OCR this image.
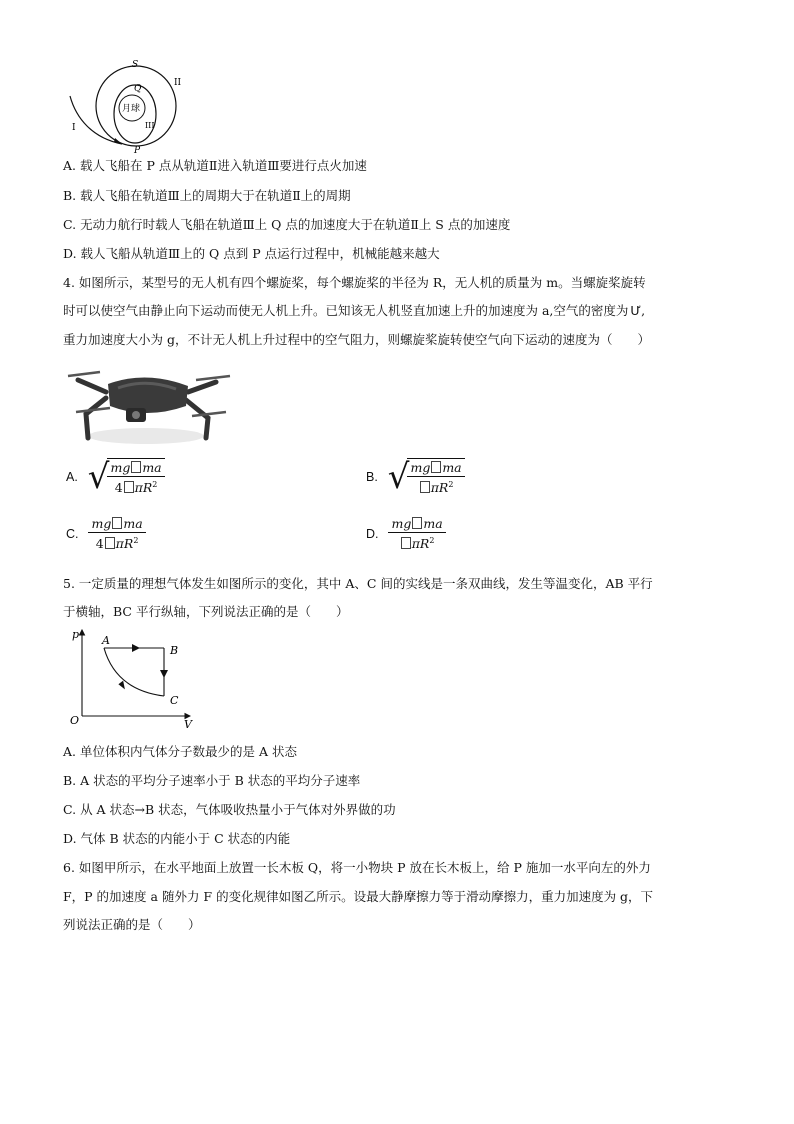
S
Q
月球
III
P
II
I
A. 载人飞船在 P 点从轨道Ⅱ进入轨道Ⅲ要进行点火加速
B. 载人飞船在轨道Ⅲ上的周期大于在轨道Ⅱ上的周期
C. 无动力航行时载人飞船在轨道Ⅲ上 Q 点的加速度大于在轨道Ⅱ上 S 点的加速度
D. 载人飞船从轨道Ⅲ上的 Q 点到 P 点运行过程中，机械能越来越大
4. 如图所示，某型号的无人机有四个螺旋桨，每个螺旋桨的半径为 R，无人机的质量为 m。当螺旋桨旋转
时可以使空气由静止向下运动而使无人机上升。已知该无人机竖直加速上升的加速度为 a,空气的密度为 Ư,
重力加速度大小为 g，不计无人机上升过程中的空气阻力，则螺旋桨旋转使空气向下运动的速度为（　　）
A. √
$\frac{\text{mg ma}}{4 \pi R^2}$	B. √
$\frac{\text{mg ma}}{\pi R^2}$
C. $\frac{\text{mg ma}}{4 \pi R^2}$	D. $\frac{\text{mg ma}}{\pi R^2}$
5. 一定质量的理想气体发生如图所示的变化，其中 A、C 间的实线是一条双曲线，发生等温变化，AB 平行
于横轴，BC 平行纵轴，下列说法正确的是（　　）
p
V
O
A
B
C
A. 单位体积内气体分子数最少的是 A 状态
B. A 状态的平均分子速率小于 B 状态的平均分子速率
C. 从 A 状态→B 状态，气体吸收热量小于气体对外界做的功
D. 气体 B 状态的内能小于 C 状态的内能
6. 如图甲所示，在水平地面上放置一长木板 Q，将一小物块 P 放在长木板上，给 P 施加一水平向左的外力
F，P 的加速度 a 随外力 F 的变化规律如图乙所示。设最大静摩擦力等于滑动摩擦力，重力加速度为 g，下
列说法正确的是（　　）
